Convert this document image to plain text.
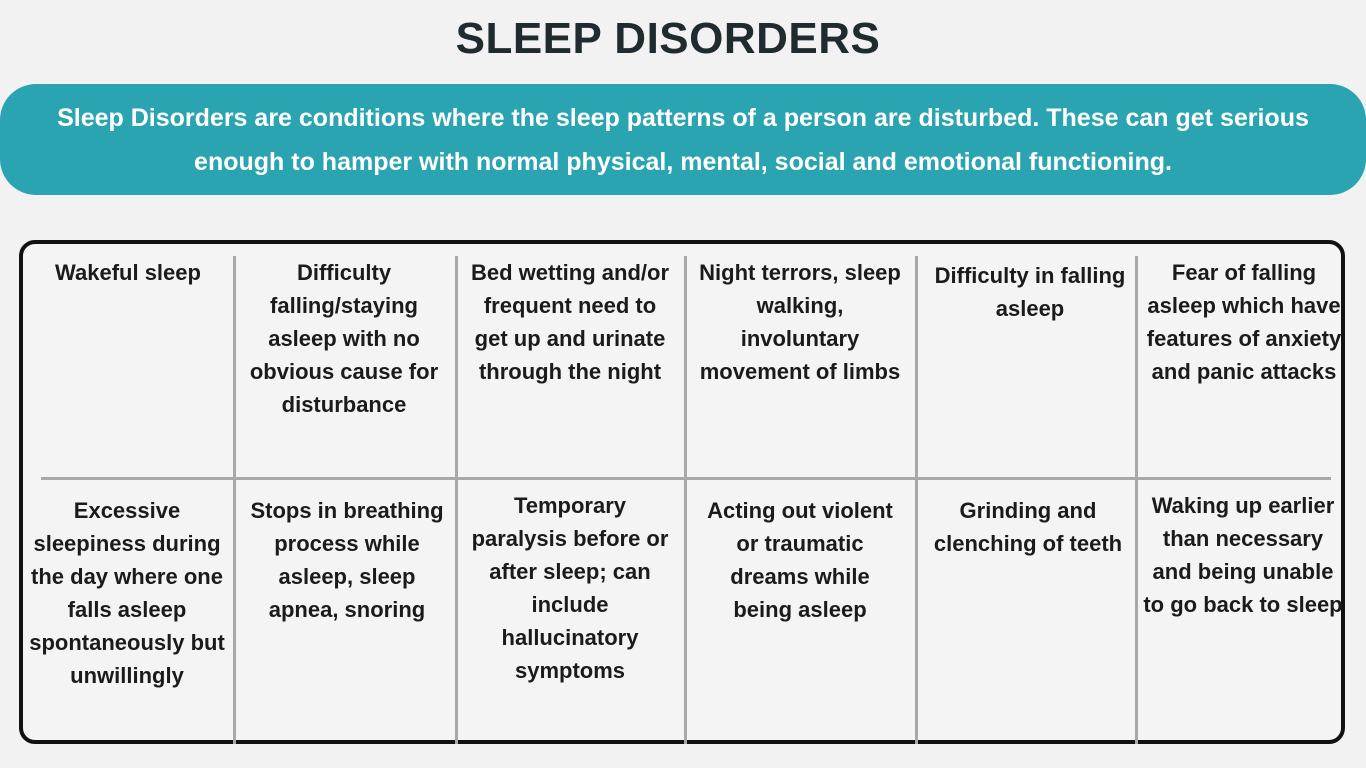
SLEEP DISORDERS

Sleep Disorders are conditions where the sleep patterns of a person are disturbed. These can get serious enough to hamper with normal physical, mental, social and emotional functioning.

Wakeful sleep	Difficulty falling/staying asleep with no obvious cause for disturbance
Bed wetting and/or frequent need to get up and urinate through the night
Night terrors, sleep walking, involuntary movement of limbs
Difficulty in falling asleep
Fear of falling asleep which have features of anxiety and panic attacks
Excessive sleepiness during the day where one falls asleep spontaneously but unwillingly
Stops in breathing process while asleep, sleep apnea, snoring
Temporary paralysis before or after sleep; can include hallucinatory symptoms
Acting out violent or traumatic dreams while being asleep
Grinding and clenching of teeth
Waking up earlier than necessary and being unable to go back to sleep
